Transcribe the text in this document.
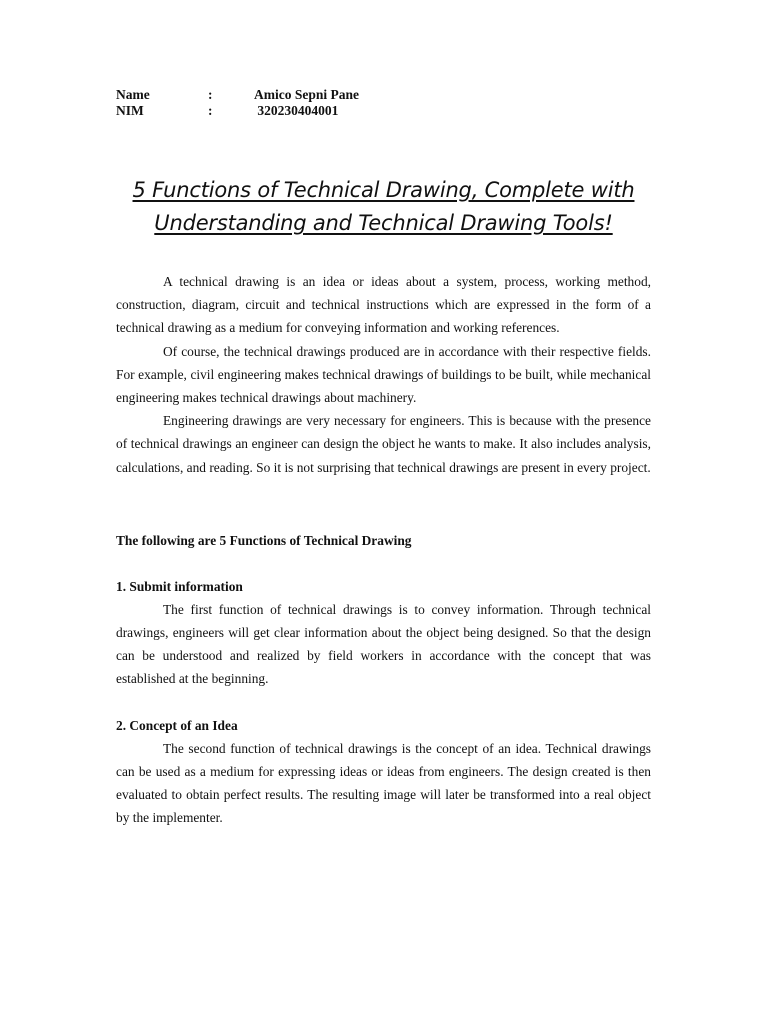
Name	:	Amico Sepni Pane
NIM	:	320230404001
5 Functions of Technical Drawing, Complete with
Understanding and Technical Drawing Tools!

A technical drawing is an idea or ideas about a system, process, working method, construction, diagram, circuit and technical instructions which are expressed in the form of a technical drawing as a medium for conveying information and working references.

Of course, the technical drawings produced are in accordance with their respective fields. For example, civil engineering makes technical drawings of buildings to be built, while mechanical engineering makes technical drawings about machinery.

Engineering drawings are very necessary for engineers. This is because with the presence of technical drawings an engineer can design the object he wants to make. It also includes analysis, calculations, and reading. So it is not surprising that technical drawings are present in every project.

The following are 5 Functions of Technical Drawing
1. Submit information

The first function of technical drawings is to convey information. Through technical drawings, engineers will get clear information about the object being designed. So that the design can be understood and realized by field workers in accordance with the concept that was established at the beginning.

2. Concept of an Idea

The second function of technical drawings is the concept of an idea. Technical drawings can be used as a medium for expressing ideas or ideas from engineers. The design created is then evaluated to obtain perfect results. The resulting image will later be transformed into a real object by the implementer.
